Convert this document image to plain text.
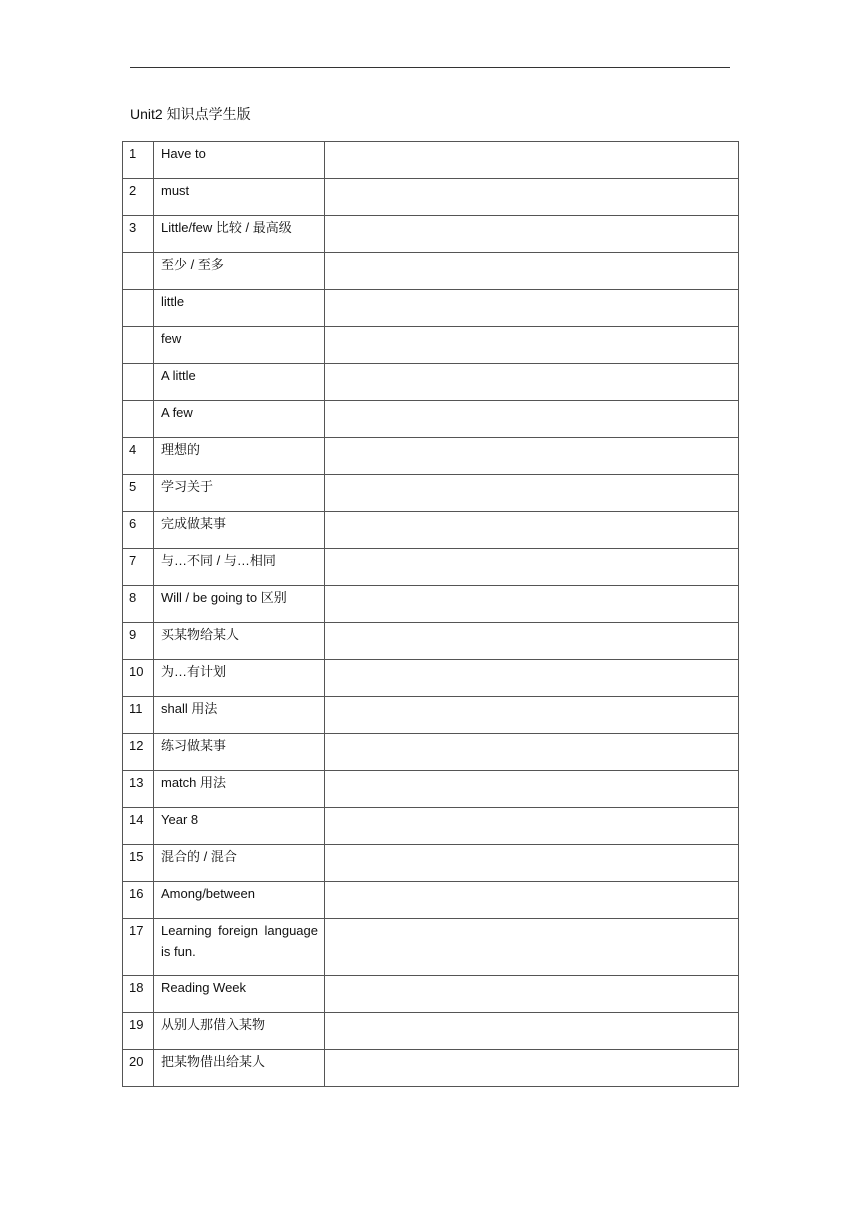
Unit2 知识点学生版
1	Have to	

2	must	

3	Little/few 比较 / 最高级	

	至少 / 至多	

	little	

	few	

	A little	

	A few	

4	理想的	

5	学习关于	

6	完成做某事	

7	与…不同 / 与…相同	

8	Will / be going to 区别	

9	买某物给某人	

10	为…有计划	

11	shall 用法	

12	练习做某事	

13	match 用法	

14	Year 8	

15	混合的 / 混合	

16	Among/between	

17	Learning foreign language is fun.	

18	Reading Week	

19	从别人那借入某物	

20	把某物借出给某人	
